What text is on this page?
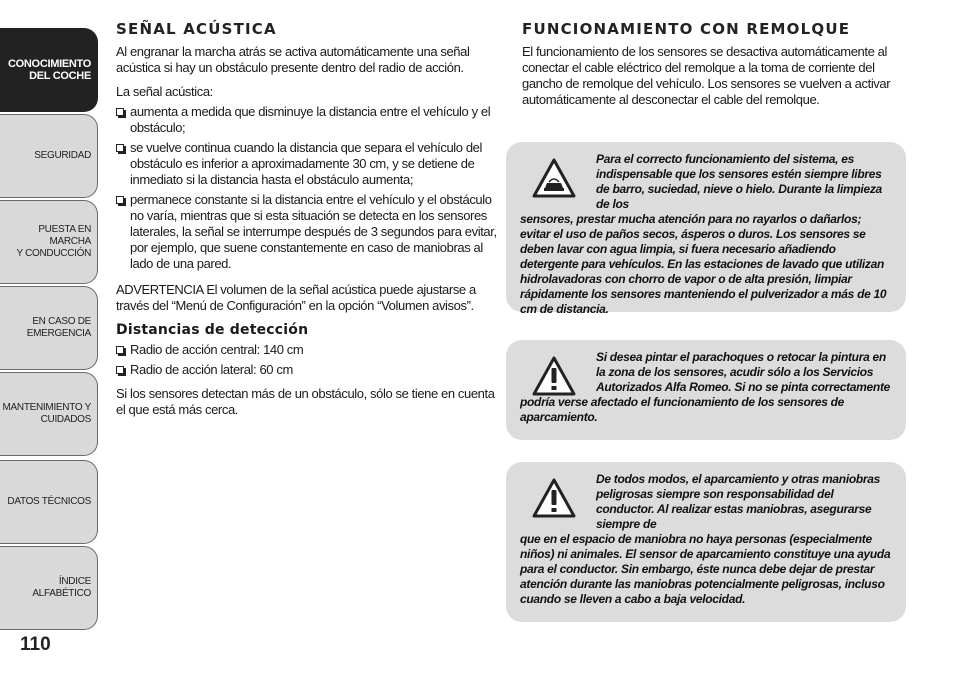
CONOCIMIENTO
DEL COCHE
SEGURIDAD
PUESTA EN MARCHA
Y CONDUCCIÓN
EN CASO DE
EMERGENCIA
MANTENIMIENTO Y
CUIDADOS
DATOS TÉCNICOS
ÍNDICE ALFABÉTICO
110
SEÑAL ACÚSTICA

Al engranar la marcha atrás se activa automáticamente una señal acústica si hay un obstáculo presente dentro del radio de acción.

La señal acústica:

aumenta a medida que disminuye la distancia entre el vehículo y el obstáculo;
se vuelve continua cuando la distancia que separa el vehículo del obstáculo es inferior a aproximadamente 30 cm, y se detiene de inmediato si la distancia hasta el obstáculo aumenta;
permanece constante si la distancia entre el vehículo y el obstáculo no varía, mientras que si esta situación se detecta en los sensores laterales, la señal se interrumpe después de 3 segundos para evitar, por ejemplo, que suene constantemente en caso de maniobras al lado de una pared.

ADVERTENCIA El volumen de la señal acústica puede ajustarse a través del “Menú de Configuración” en la opción “Volumen avisos”.

Distancias de detección
Radio de acción central: 140 cm
Radio de acción lateral: 60 cm

Si los sensores detectan más de un obstáculo, sólo se tiene en cuenta el que está más cerca.

FUNCIONAMIENTO CON REMOLQUE

El funcionamiento de los sensores se desactiva automáticamente al conectar el cable eléctrico del remolque a la toma de corriente del gancho de remolque del vehículo. Los sensores se vuelven a activar automáticamente al desconectar el cable del remolque.

Para el correcto funcionamiento del sistema, es indispensable que los sensores estén siempre libres de barro, suciedad, nieve o hielo. Durante la limpieza de los
sensores, prestar mucha atención para no rayarlos o dañarlos; evitar el uso de paños secos, ásperos o duros. Los sensores se deben lavar con agua limpia, si fuera necesario añadiendo detergente para vehículos. En las estaciones de lavado que utilizan hidrolavadoras con chorro de vapor o de alta presión, limpiar rápidamente los sensores manteniendo el pulverizador a más de 10 cm de distancia.
Si desea pintar el parachoques o retocar la pintura en la zona de los sensores, acudir sólo a los Servicios Autorizados Alfa Romeo. Si no se pinta correctamente
podría verse afectado el funcionamiento de los sensores de aparcamiento.
De todos modos, el aparcamiento y otras maniobras peligrosas siempre son responsabilidad del conductor. Al realizar estas maniobras, asegurarse siempre de
que en el espacio de maniobra no haya personas (especialmente niños) ni animales. El sensor de aparcamiento constituye una ayuda para el conductor. Sin embargo, éste nunca debe dejar de prestar atención durante las maniobras potencialmente peligrosas, incluso cuando se lleven a cabo a baja velocidad.
